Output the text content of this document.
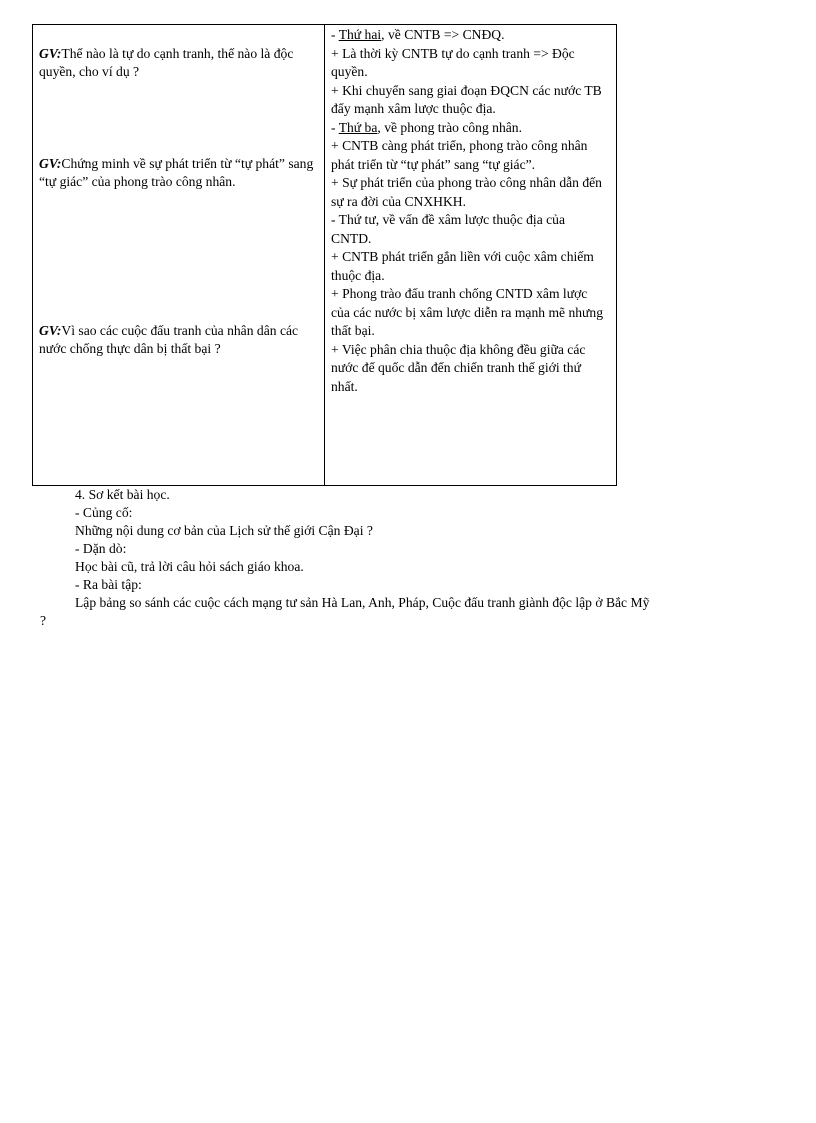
GV:Thế nào là tự do cạnh tranh, thế nào là độc quyền, cho ví dụ ?
GV:Chứng minh về sự phát triển từ “tự phát” sang “tự giác” của phong trào công nhân.
GV:Vì sao các cuộc đấu tranh của nhân dân các nước chống thực dân bị thất bại ?

- Thứ hai, về CNTB => CNĐQ.

+ Là thời kỳ CNTB tự do cạnh tranh => Độc quyền.

+ Khi chuyển sang giai đoạn ĐQCN các nước TB đẩy mạnh xâm lược thuộc địa.

- Thứ ba, về phong trào công nhân.

+ CNTB càng phát triển, phong trào công nhân phát triển từ “tự phát” sang “tự giác”.

+ Sự phát triển của phong trào công nhân dẫn đến sự ra đời của CNXHKH.

- Thứ tư, về vấn đề xâm lược thuộc địa của CNTD.

+ CNTB phát triển gắn liền với cuộc xâm chiếm thuộc địa.

+ Phong trào đấu tranh chống CNTD xâm lược của các nước bị xâm lược diễn ra mạnh mẽ nhưng thất bại.

+ Việc phân chia thuộc địa không đều giữa các nước đế quốc dẫn đến chiến tranh thế giới thứ nhất.

4. Sơ kết bài học.

- Củng cố:

Những nội dung cơ bản của Lịch sử thế giới Cận Đại ?

- Dặn dò:

Học bài cũ, trả lời câu hỏi sách giáo khoa.

- Ra bài tập:

Lập bảng so sánh các cuộc cách mạng tư sản Hà Lan, Anh, Pháp, Cuộc đấu tranh giành độc lập ở Bắc Mỹ

?
